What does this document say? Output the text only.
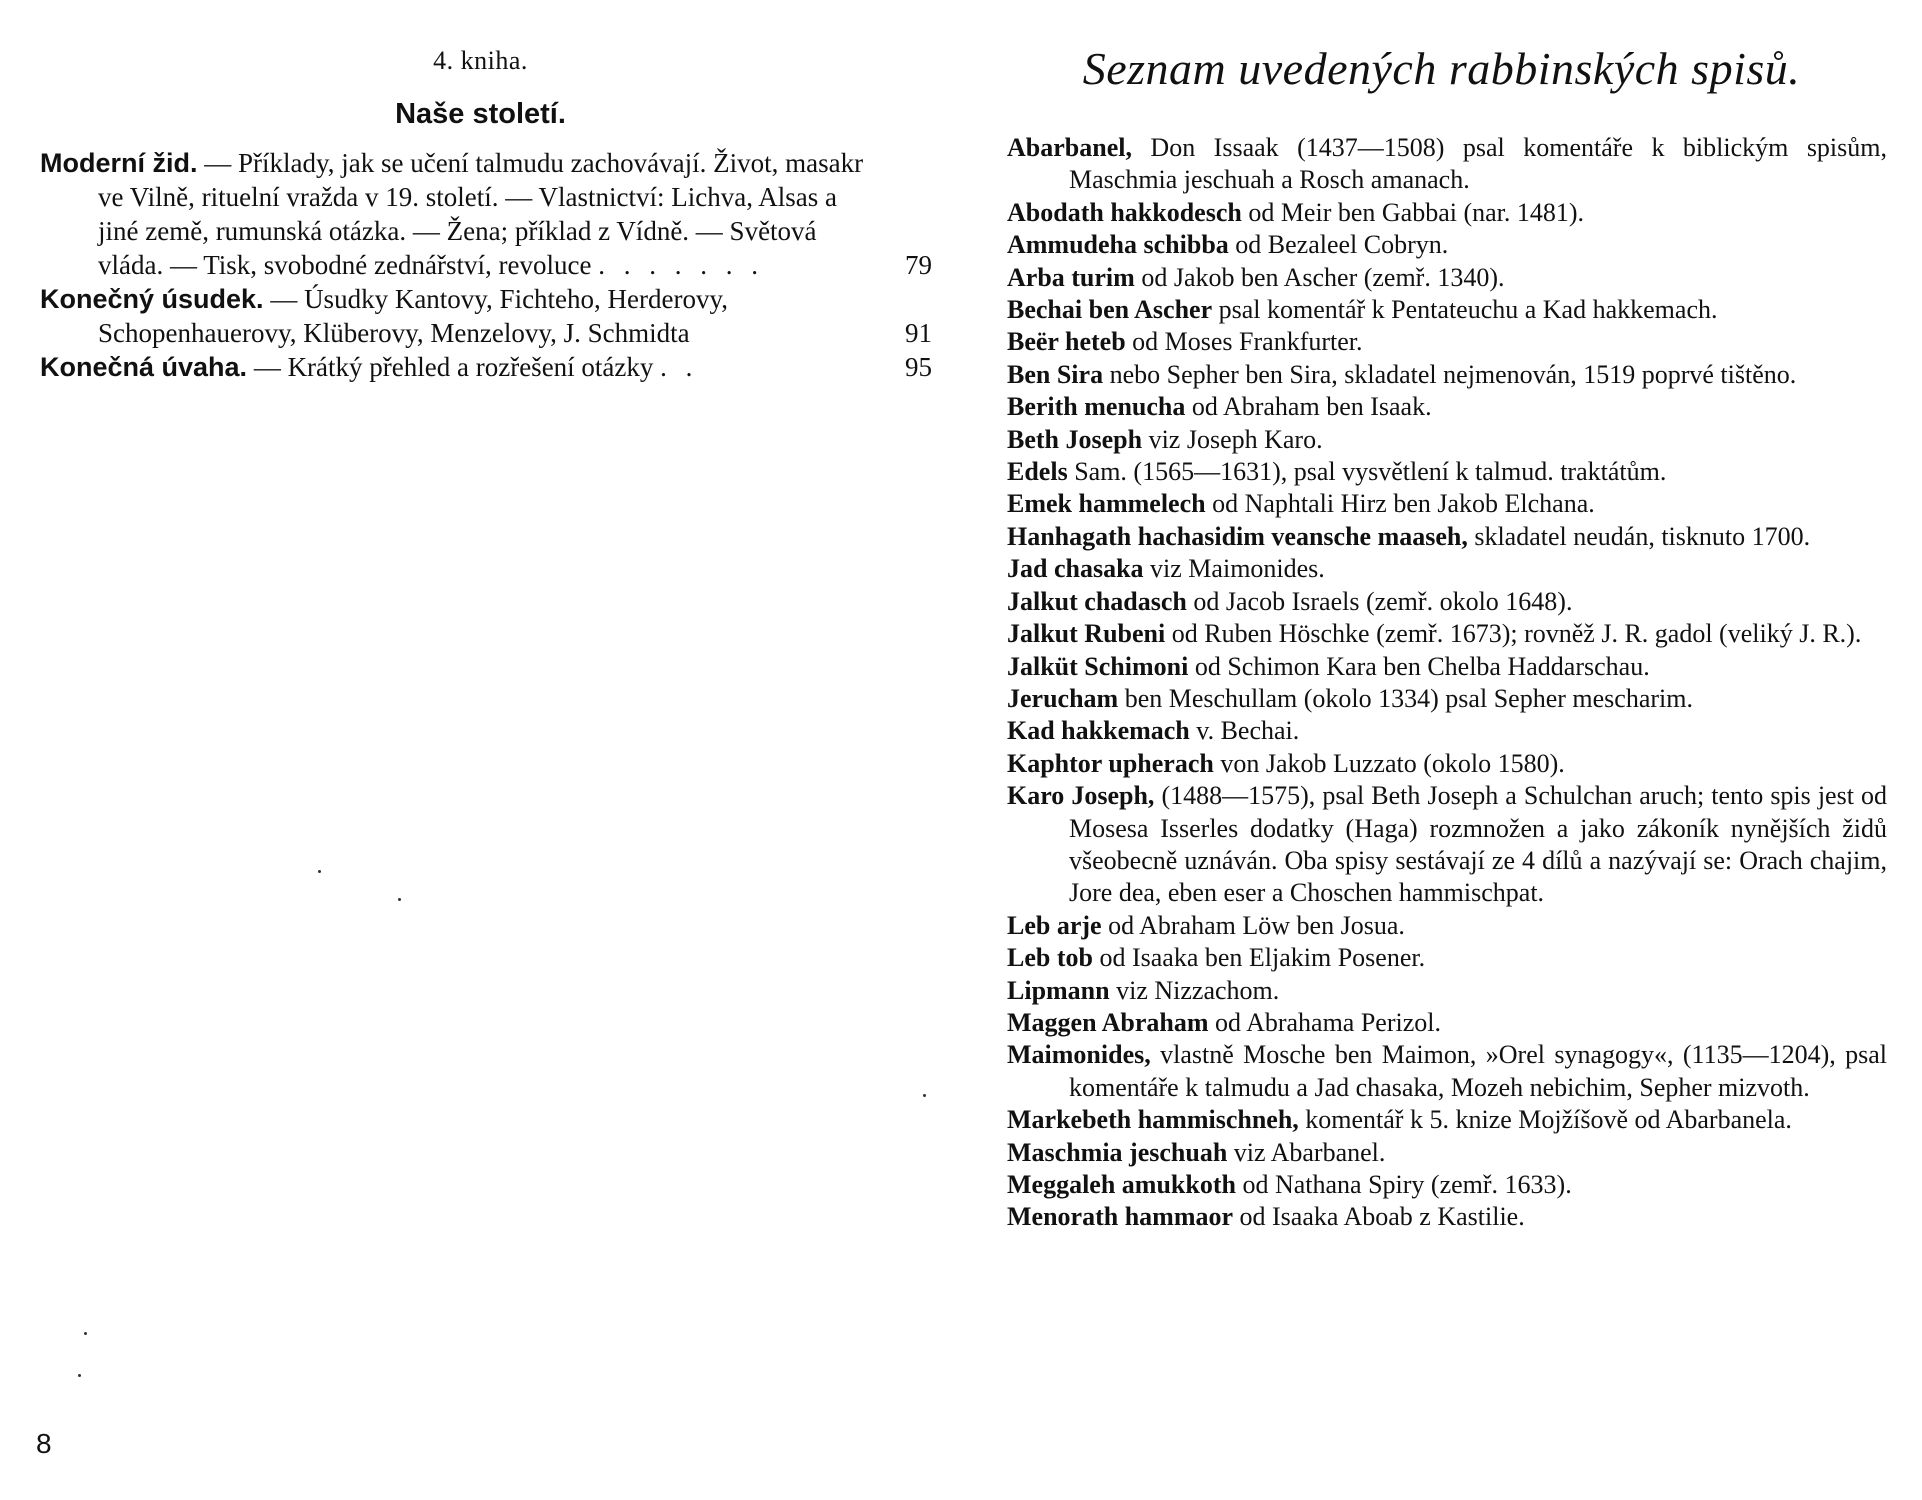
4. kniha.
Naše století.
Moderní žid. — Příklady, jak se učení talmudu zachovávají. Život, masakr ve Vilně, rituelní vražda v 19. století. — Vlastnictví: Lichva, Alsas a jiné země, rumunská otázka. — Žena; příklad z Vídně. — Světová vláda. — Tisk, svobodné zednářství, revoluce . . . . . . .	79
Konečný úsudek. — Úsudky Kantovy, Fichteho, Herderovy, Schopenhauerovy, Klüberovy, Menzelovy, J. Schmidta	91
Konečná úvaha. — Krátký přehled a rozřešení otázky . .	95
8
Seznam uvedených rabbinských spisů.
Abarbanel, Don Issaak (1437—1508) psal komentáře k biblickým spisům, Maschmia jeschuah a Rosch amanach.
Abodath hakkodesch od Meir ben Gabbai (nar. 1481).
Ammudeha schibba od Bezaleel Cobryn.
Arba turim od Jakob ben Ascher (zemř. 1340).
Bechai ben Ascher psal komentář k Pentateuchu a Kad hakkemach.
Beër heteb od Moses Frankfurter.
Ben Sira nebo Sepher ben Sira, skladatel nejmenován, 1519 poprvé tištěno.
Berith menucha od Abraham ben Isaak.
Beth Joseph viz Joseph Karo.
Edels Sam. (1565—1631), psal vysvětlení k talmud. traktátům.
Emek hammelech od Naphtali Hirz ben Jakob Elchana.
Hanhagath hachasidim veansche maaseh, skladatel neudán, tisknuto 1700.
Jad chasaka viz Maimonides.
Jalkut chadasch od Jacob Israels (zemř. okolo 1648).
Jalkut Rubeni od Ruben Höschke (zemř. 1673); rovněž J. R. gadol (veliký J. R.).
Jalküt Schimoni od Schimon Kara ben Chelba Haddarschau.
Jerucham ben Meschullam (okolo 1334) psal Sepher mescharim.
Kad hakkemach v. Bechai.
Kaphtor upherach von Jakob Luzzato (okolo 1580).
Karo Joseph, (1488—1575), psal Beth Joseph a Schulchan aruch; tento spis jest od Mosesa Isserles dodatky (Haga) rozmnožen a jako zákoník nynějších židů všeobecně uznáván. Oba spisy sestávají ze 4 dílů a nazývají se: Orach chajim, Jore dea, eben eser a Choschen hammischpat.
Leb arje od Abraham Löw ben Josua.
Leb tob od Isaaka ben Eljakim Posener.
Lipmann viz Nizzachom.
Maggen Abraham od Abrahama Perizol.
Maimonides, vlastně Mosche ben Maimon, »Orel synagogy«, (1135—1204), psal komentáře k talmudu a Jad chasaka, Mozeh nebichim, Sepher mizvoth.
Markebeth hammischneh, komentář k 5. knize Mojžíšově od Abarbanela.
Maschmia jeschuah viz Abarbanel.
Meggaleh amukkoth od Nathana Spiry (zemř. 1633).
Menorath hammaor od Isaaka Aboab z Kastilie.
